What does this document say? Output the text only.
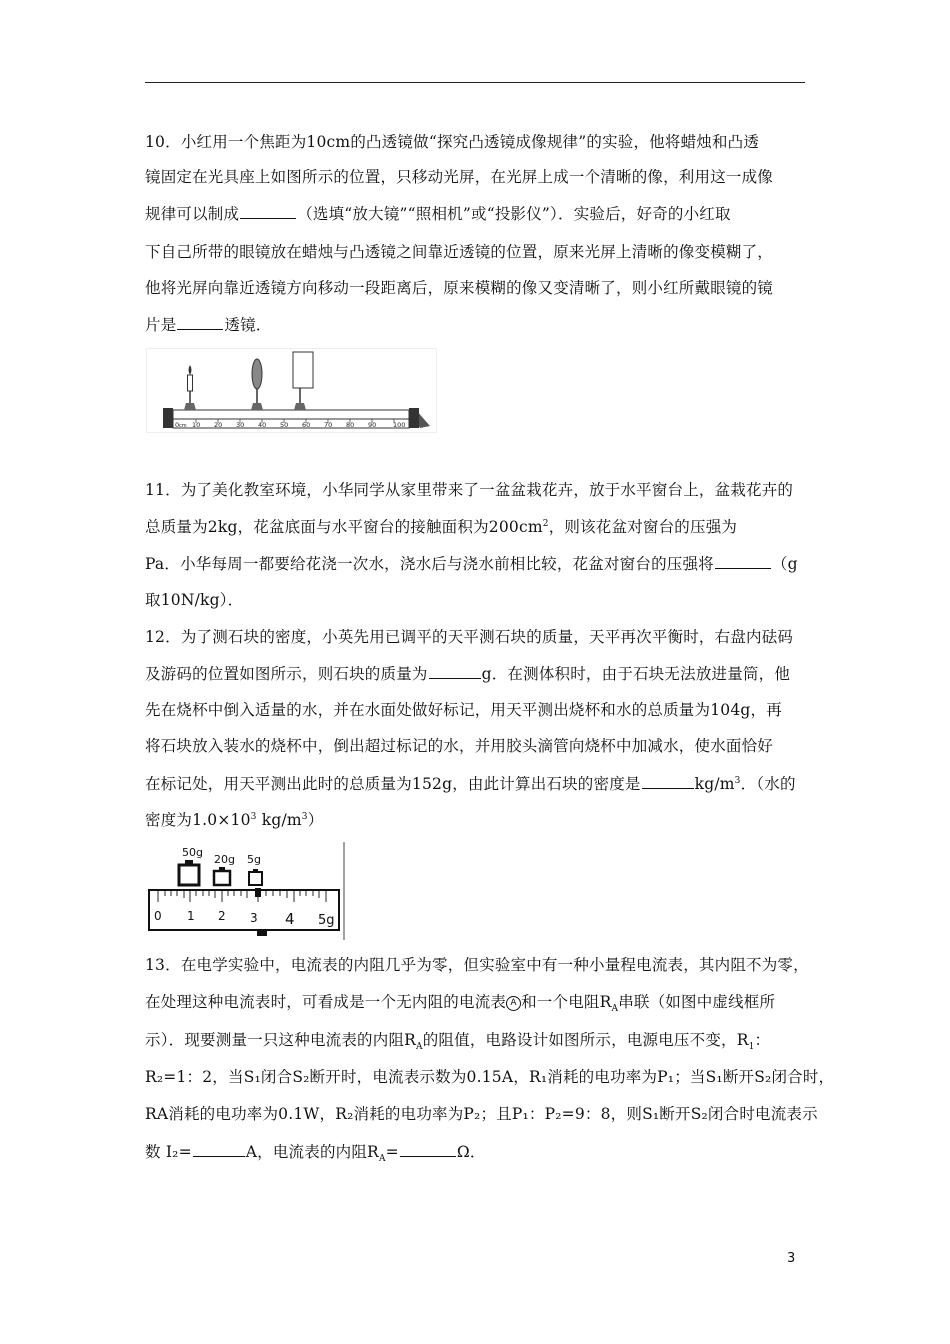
10．小红用一个焦距为10cm的凸透镜做“探究凸透镜成像规律”的实验，他将蜡烛和凸透
镜固定在光具座上如图所示的位置，只移动光屏，在光屏上成一个清晰的像，利用这一成像
规律可以制成	（选填“放大镜”“照相机”或“投影仪”）．实验后，好奇的小红取
下自己所带的眼镜放在蜡烛与凸透镜之间靠近透镜的位置，原来光屏上清晰的像变模糊了，
他将光屏向靠近透镜方向移动一段距离后，原来模糊的像又变清晰了，则小红所戴眼镜的镜
片是	透镜．
0 cm 10 20 30 40 50 60 70 80 90	100
11．为了美化教室环境，小华同学从家里带来了一盆盆栽花卉，放于水平窗台上，盆栽花卉的
总质量为2kg，花盆底面与水平窗台的接触面积为$200cm^2$，则该花盆对窗台的压强为
Pa．小华每周一都要给花浇一次水，浇水后与浇水前相比较，花盆对窗台的压强将	（g
取10N/kg）．
12．为了测石块的密度，小英先用已调平的天平测石块的质量，天平再次平衡时，右盘内砝码
及游码的位置如图所示，则石块的质量为	g．在测体积时，由于石块无法放进量筒，他
先在烧杯中倒入适量的水，并在水面处做好标记，用天平测出烧杯和水的总质量为104g，再
将石块放入装水的烧杯中，倒出超过标记的水，并用胶头滴管向烧杯中加减水，使水面恰好
在标记处，用天平测出此时的总质量为152g，由此计算出石块的密度是	$kg/m^3$．（水的
密度为$1.0\times 10^3$ $kg/m^3$）
50g
20g 5g
0 1 2 3 4 5g
13．在电学实验中，电流表的内阻几乎为零，但实验室中有一种小量程电流表，其内阻不为零，
在处理这种电流表时，可看成是一个无内阻的电流表 A 和一个电阻$R_A$串联（如图中虚线框所
示）．现要测量一只这种电流表的内阻$R_A$的阻值，电路设计如图所示，电源电压不变，$R_1$：
R₂=1：2，当S₁闭合S₂断开时，电流表示数为0.15A，R₁消耗的电功率为P₁；当S₁断开S₂闭合时，
RA消耗的电功率为0.1W，R₂消耗的电功率为P₂；且P₁：P₂=9：8，则S₁断开S₂闭合时电流表示
数 I₂=	A，电流表的内阻$R_A=$	Ω．
3
